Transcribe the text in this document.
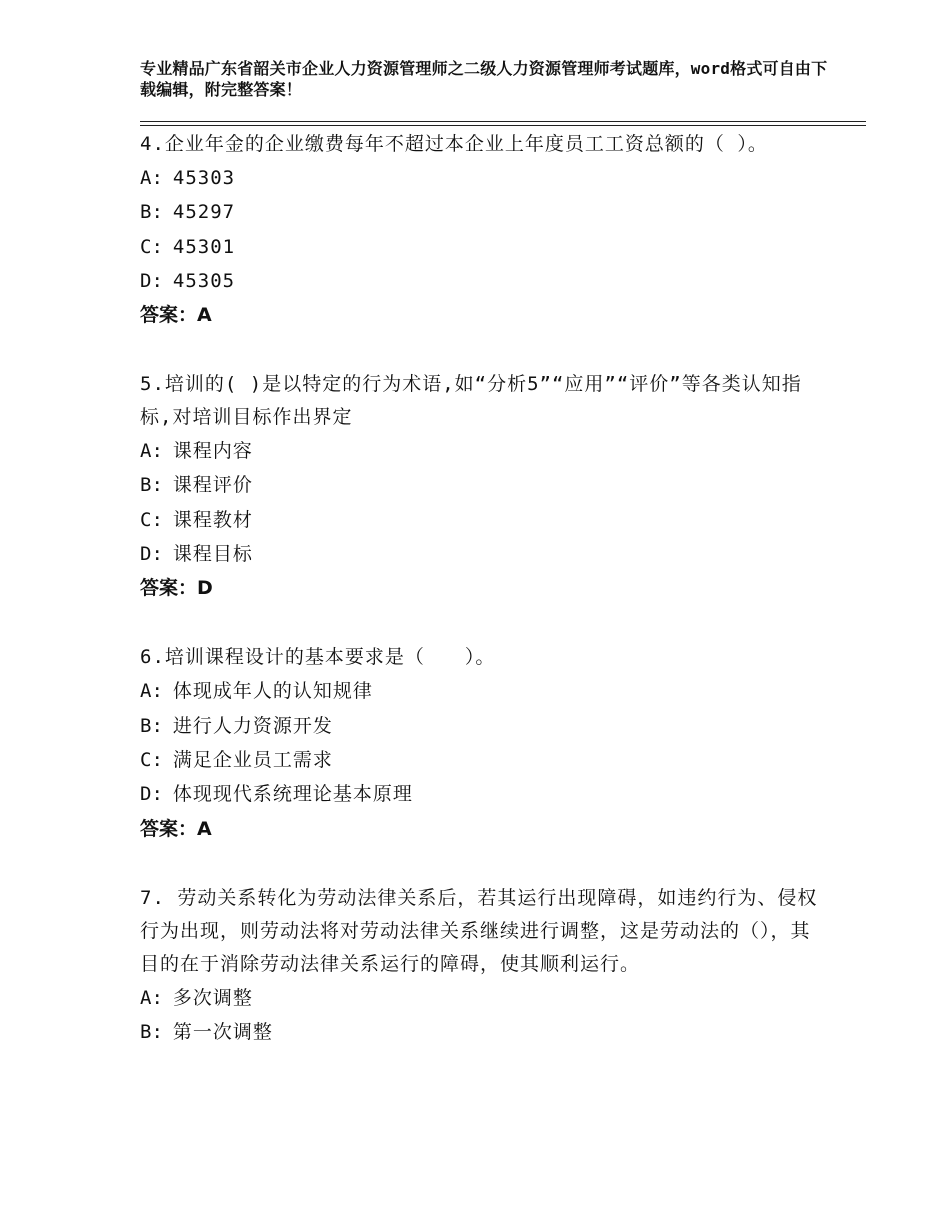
专业精品广东省韶关市企业人力资源管理师之二级人力资源管理师考试题库，word格式可自由下载编辑，附完整答案！
4.企业年金的企业缴费每年不超过本企业上年度员工工资总额的（ ）。
A: 45303
B: 45297
C: 45301
D: 45305
答案：A
5.培训的( )是以特定的行为术语,如“分析5”“应用”“评价”等各类认知指标,对培训目标作出界定
A: 课程内容
B: 课程评价
C: 课程教材
D: 课程目标
答案：D
6.培训课程设计的基本要求是（　　）。
A: 体现成年人的认知规律
B: 进行人力资源开发
C: 满足企业员工需求
D: 体现现代系统理论基本原理
答案：A
7. 劳动关系转化为劳动法律关系后，若其运行出现障碍，如违约行为、侵权行为出现，则劳动法将对劳动法律关系继续进行调整，这是劳动法的（），其目的在于消除劳动法律关系运行的障碍，使其顺利运行。
A: 多次调整
B: 第一次调整
